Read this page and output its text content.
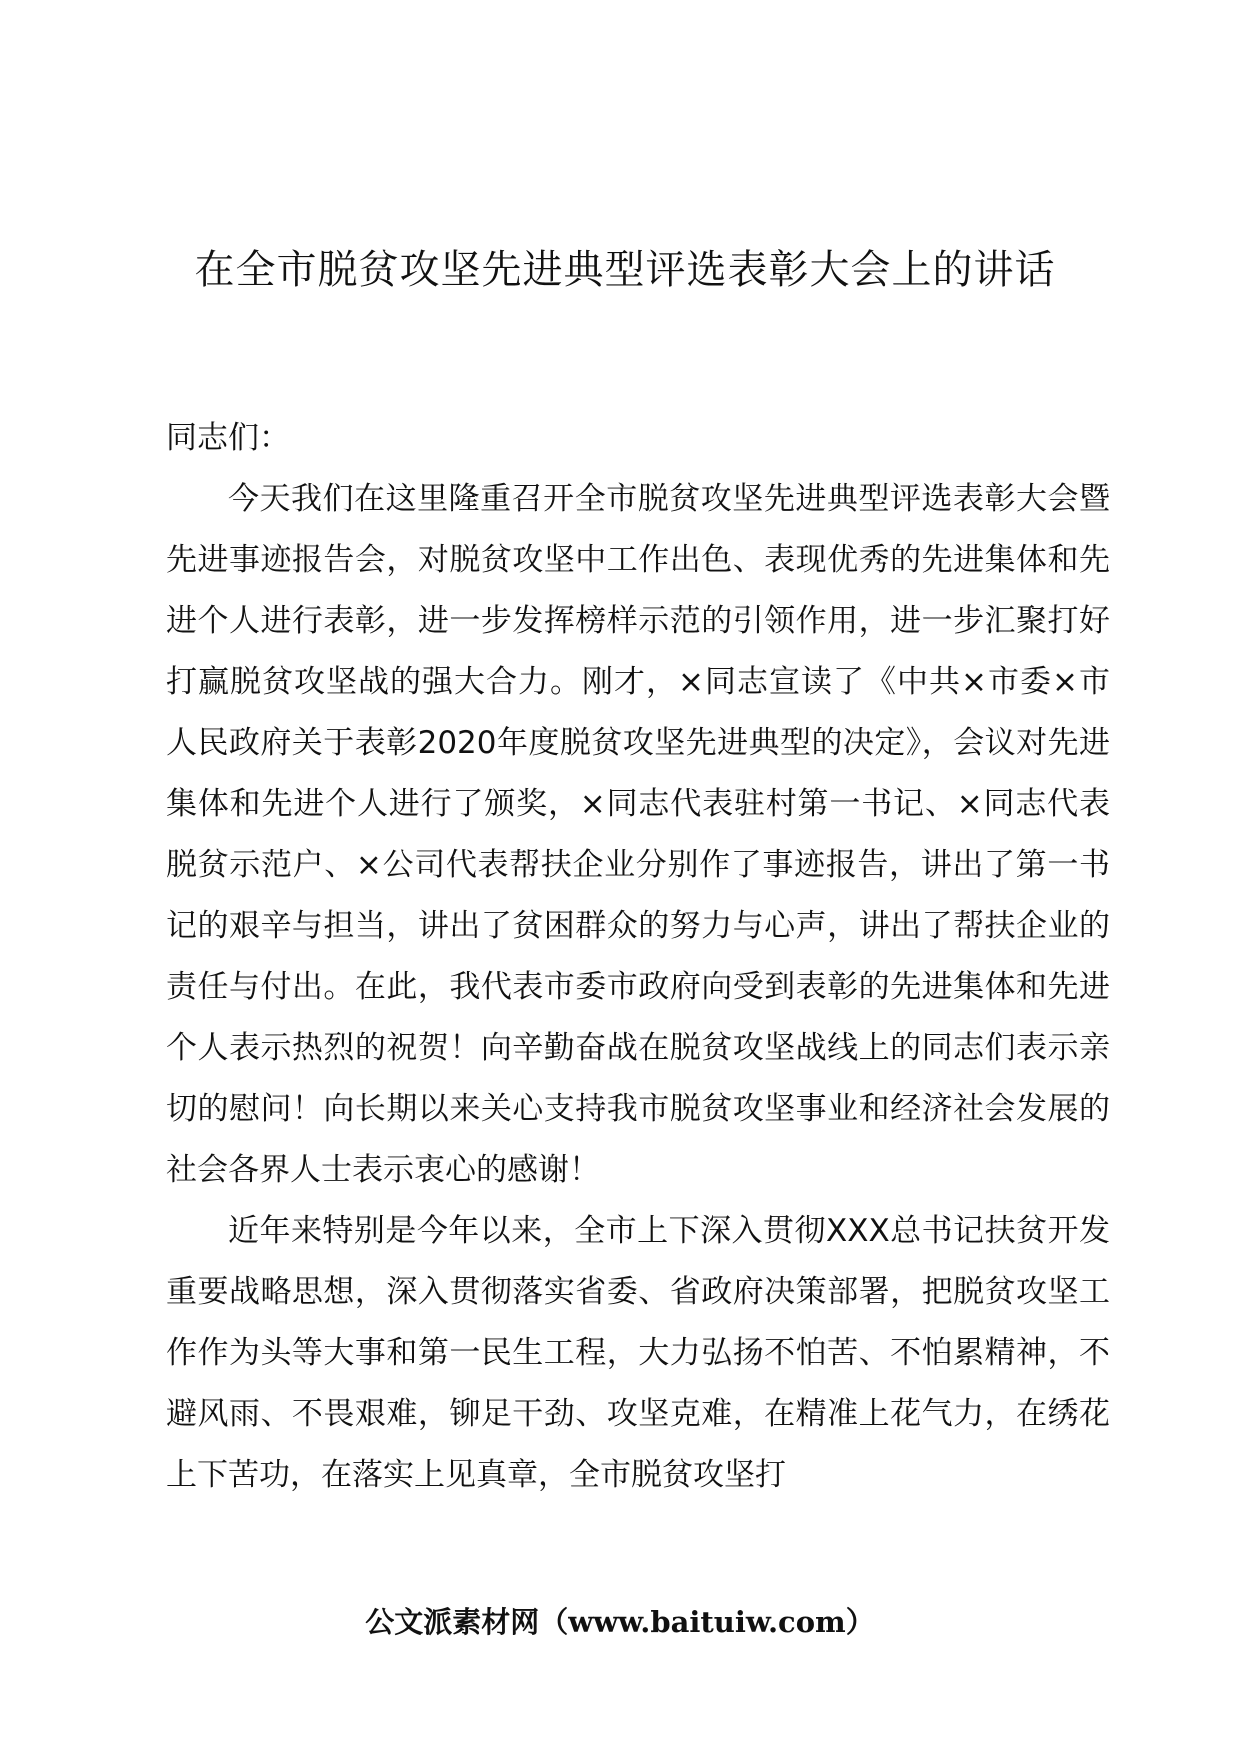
在全市脱贫攻坚先进典型评选表彰大会上的讲话

同志们：

今天我们在这里隆重召开全市脱贫攻坚先进典型评选表彰大会暨先进事迹报告会，对脱贫攻坚中工作出色、表现优秀的先进集体和先进个人进行表彰，进一步发挥榜样示范的引领作用，进一步汇聚打好打赢脱贫攻坚战的强大合力。刚才，×同志宣读了《中共×市委×市人民政府关于表彰2020年度脱贫攻坚先进典型的决定》，会议对先进集体和先进个人进行了颁奖，×同志代表驻村第一书记、×同志代表脱贫示范户、×公司代表帮扶企业分别作了事迹报告，讲出了第一书记的艰辛与担当，讲出了贫困群众的努力与心声，讲出了帮扶企业的责任与付出。在此，我代表市委市政府向受到表彰的先进集体和先进个人表示热烈的祝贺！向辛勤奋战在脱贫攻坚战线上的同志们表示亲切的慰问！向长期以来关心支持我市脱贫攻坚事业和经济社会发展的社会各界人士表示衷心的感谢！

近年来特别是今年以来，全市上下深入贯彻XXX总书记扶贫开发重要战略思想，深入贯彻落实省委、省政府决策部署，把脱贫攻坚工作作为头等大事和第一民生工程，大力弘扬不怕苦、不怕累精神，不避风雨、不畏艰难，铆足干劲、攻坚克难，在精准上花气力，在绣花上下苦功，在落实上见真章，全市脱贫攻坚打

公文派素材网（www.baituiw.com）
